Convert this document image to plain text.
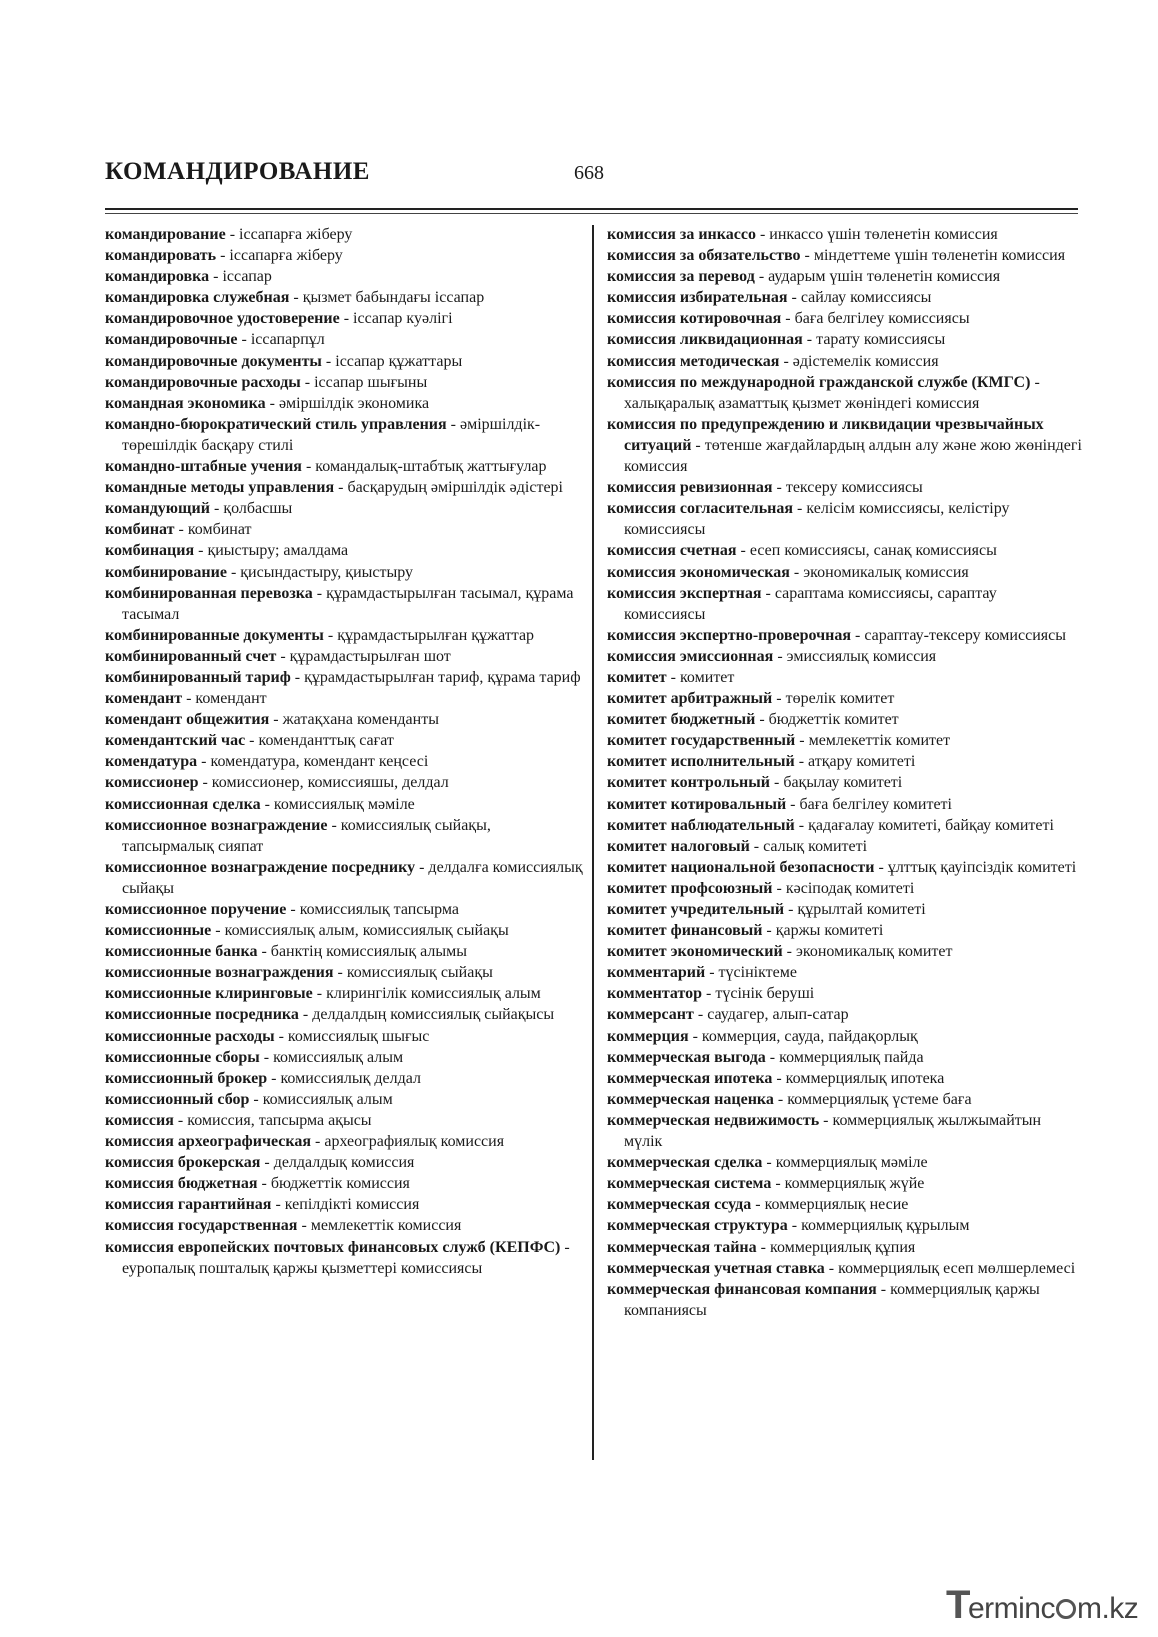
КОМАНДИРОВАНИЕ	668
командирование - іссапарға жіберу
командировать - іссапарға жіберу
командировка - іссапар
командировка служебная - қызмет бабындағы іссапар
командировочное удостоверение - іссапар куәлігі
командировочные - іссапарпұл
командировочные документы - іссапар құжаттары
командировочные расходы - іссапар шығыны
командная экономика - әміршілдік экономика
командно-бюрократический стиль управления - әміршілдік-төрешілдік басқару стилі
командно-штабные учения - командалық-штабтық жаттығулар
командные методы управления - басқарудың әміршілдік әдістері
командующий - қолбасшы
комбинат - комбинат
комбинация - қиыстыру; амалдама
комбинирование - қисындастыру, қиыстыру
комбинированная перевозка - құрамдастырылған тасымал, құрама тасымал
комбинированные документы - құрамдастырылған құжаттар
комбинированный счет - құрамдастырылған шот
комбинированный тариф - құрамдастырылған тариф, құрама тариф
комендант - комендант
комендант общежития - жатақхана коменданты
комендантский час - коменданттық сағат
комендатура - комендатура, комендант кеңсесі
комиссионер - комиссионер, комиссияшы, делдал
комиссионная сделка - комиссиялық мәміле
комиссионное вознаграждение - комиссиялық сыйақы, тапсырмалық сияпат
комиссионное вознаграждение посреднику - делдалға комиссиялық сыйақы
комиссионное поручение - комиссиялық тапсырма
комиссионные - комиссиялық алым, комиссиялық сыйақы
комиссионные банка - банктің комиссиялық алымы
комиссионные вознаграждения - комиссиялық сыйақы
комиссионные клиринговые - клирингілік комиссиялық алым
комиссионные посредника - делдалдың комиссиялық сыйақысы
комиссионные расходы - комиссиялық шығыс
комиссионные сборы - комиссиялық алым
комиссионный брокер - комиссиялық делдал
комиссионный сбор - комиссиялық алым
комиссия - комиссия, тапсырма ақысы
комиссия археографическая - археографиялық комиссия
комиссия брокерская - делдалдық комиссия
комиссия бюджетная - бюджеттік комиссия
комиссия гарантийная - кепілдікті комиссия
комиссия государственная - мемлекеттік комиссия
комиссия европейских почтовых финансовых служб (КЕПФС) - еуропалық пошталық қаржы қызметтері комиссиясы
комиссия за инкассо - инкассо үшін төленетін комиссия
комиссия за обязательство - міндеттеме үшін төленетін комиссия
комиссия за перевод - аударым үшін төленетін комиссия
комиссия избирательная - сайлау комиссиясы
комиссия котировочная - баға белгілеу комиссиясы
комиссия ликвидационная - тарату комиссиясы
комиссия методическая - әдістемелік комиссия
комиссия по международной гражданской службе (КМГС) - халықаралық азаматтық қызмет жөніндегі комиссия
комиссия по предупреждению и ликвидации чрезвычайных ситуаций - төтенше жағдайлардың алдын алу және жою жөніндегі комиссия
комиссия ревизионная - тексеру комиссиясы
комиссия согласительная - келісім комиссиясы, келістіру комиссиясы
комиссия счетная - есеп комиссиясы, санақ комиссиясы
комиссия экономическая - экономикалық комиссия
комиссия экспертная - сараптама комиссиясы, сараптау комиссиясы
комиссия экспертно-проверочная - сараптау-тексеру комиссиясы
комиссия эмиссионная - эмиссиялық комиссия
комитет - комитет
комитет арбитражный - төрелік комитет
комитет бюджетный - бюджеттік комитет
комитет государственный - мемлекеттік комитет
комитет исполнительный - атқару комитеті
комитет контрольный - бақылау комитеті
комитет котировальный - баға белгілеу комитеті
комитет наблюдательный - қадағалау комитеті, байқау комитеті
комитет налоговый - салық комитеті
комитет национальной безопасности - ұлттық қауіпсіздік комитеті
комитет профсоюзный - кәсіподақ комитеті
комитет учредительный - құрылтай комитеті
комитет финансовый - қаржы комитеті
комитет экономический - экономикалық комитет
комментарий - түсініктеме
комментатор - түсінік беруші
коммерсант - саудагер, алып-сатар
коммерция - коммерция, сауда, пайдақорлық
коммерческая выгода - коммерциялық пайда
коммерческая ипотека - коммерциялық ипотека
коммерческая наценка - коммерциялық үстеме баға
коммерческая недвижимость - коммерциялық жылжымайтын мүлік
коммерческая сделка - коммерциялық мәміле
коммерческая система - коммерциялық жүйе
коммерческая ссуда - коммерциялық несие
коммерческая структура - коммерциялық құрылым
коммерческая тайна - коммерциялық құпия
коммерческая учетная ставка - коммерциялық есеп мөлшерлемесі
коммерческая финансовая компания - коммерциялық қаржы компаниясы
Terminc m.kz
